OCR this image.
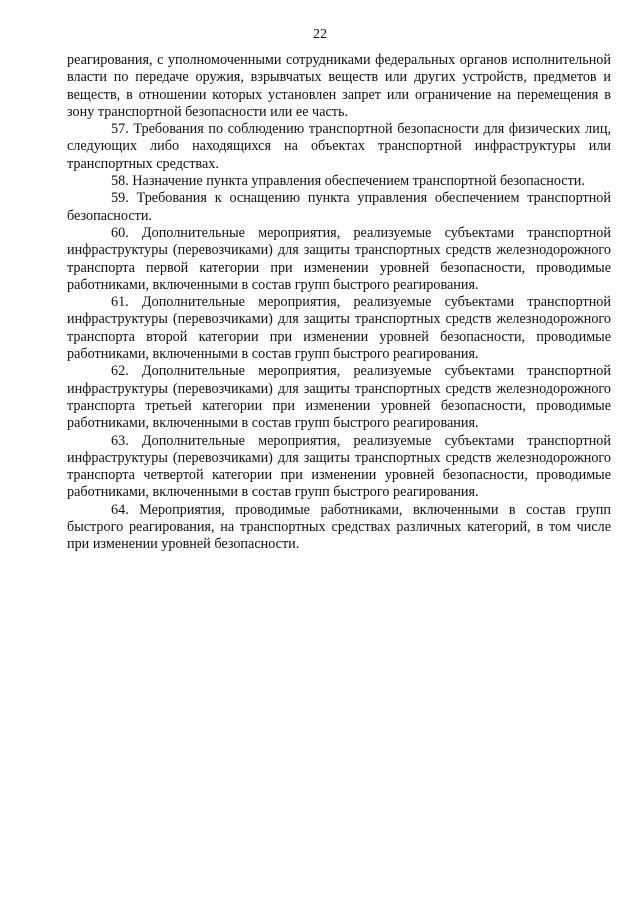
22

реагирования, с уполномоченными сотрудниками федеральных органов исполнительной власти по передаче оружия, взрывчатых веществ или других устройств, предметов и веществ, в отношении которых установлен запрет или ограничение на перемещения в зону транспортной безопасности или ее часть.

57. Требования по соблюдению транспортной безопасности для физических лиц, следующих либо находящихся на объектах транспортной инфраструктуры или транспортных средствах.

58. Назначение пункта управления обеспечением транспортной безопасности.

59. Требования к оснащению пункта управления обеспечением транспортной безопасности.

60. Дополнительные мероприятия, реализуемые субъектами транспортной инфраструктуры (перевозчиками) для защиты транспортных средств железнодорожного транспорта первой категории при изменении уровней безопасности, проводимые работниками, включенными в состав групп быстрого реагирования.

61. Дополнительные мероприятия, реализуемые субъектами транспортной инфраструктуры (перевозчиками) для защиты транспортных средств железнодорожного транспорта второй категории при изменении уровней безопасности, проводимые работниками, включенными в состав групп быстрого реагирования.

62. Дополнительные мероприятия, реализуемые субъектами транспортной инфраструктуры (перевозчиками) для защиты транспортных средств железнодорожного транспорта третьей категории при изменении уровней безопасности, проводимые работниками, включенными в состав групп быстрого реагирования.

63. Дополнительные мероприятия, реализуемые субъектами транспортной инфраструктуры (перевозчиками) для защиты транспортных средств железнодорожного транспорта четвертой категории при изменении уровней безопасности, проводимые работниками, включенными в состав групп быстрого реагирования.

64. Мероприятия, проводимые работниками, включенными в состав групп быстрого реагирования, на транспортных средствах различных категорий, в том числе при изменении уровней безопасности.
